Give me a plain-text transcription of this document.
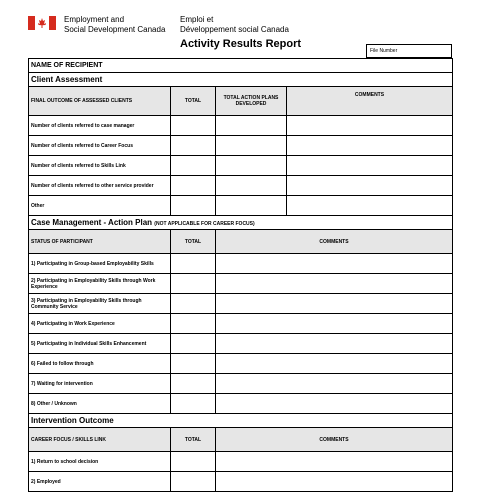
Employment and
Social Development Canada
Emploi et
Développement social Canada
Activity Results Report
File Number
NAME OF RECIPIENT			
Client Assessment			
FINAL OUTCOME OF ASSESSED CLIENTS	TOTAL	TOTAL ACTION PLANS DEVELOPED	COMMENTS
Number of clients referred to case manager			
Number of clients referred to Career Focus			
Number of clients referred to Skills Link			
Number of clients referred to other service provider			
Other			
Case Management - Action Plan (NOT APPLICABLE FOR CAREER FOCUS)			
STATUS OF PARTICIPANT	TOTAL	COMMENTS	
1) Participating in Group-based Employability Skills			
2) Participating in Employability Skills through Work Experience			
3) Participating in Employability Skills through Community Service			
4) Participating in Work Experience			
5) Participating in Individual Skills Enhancement			
6) Failed to follow through			
7) Waiting for intervention			
8) Other / Unknown			
Intervention Outcome			
CAREER FOCUS / SKILLS LINK	TOTAL	COMMENTS	
1) Return to school decision			
2) Employed			
